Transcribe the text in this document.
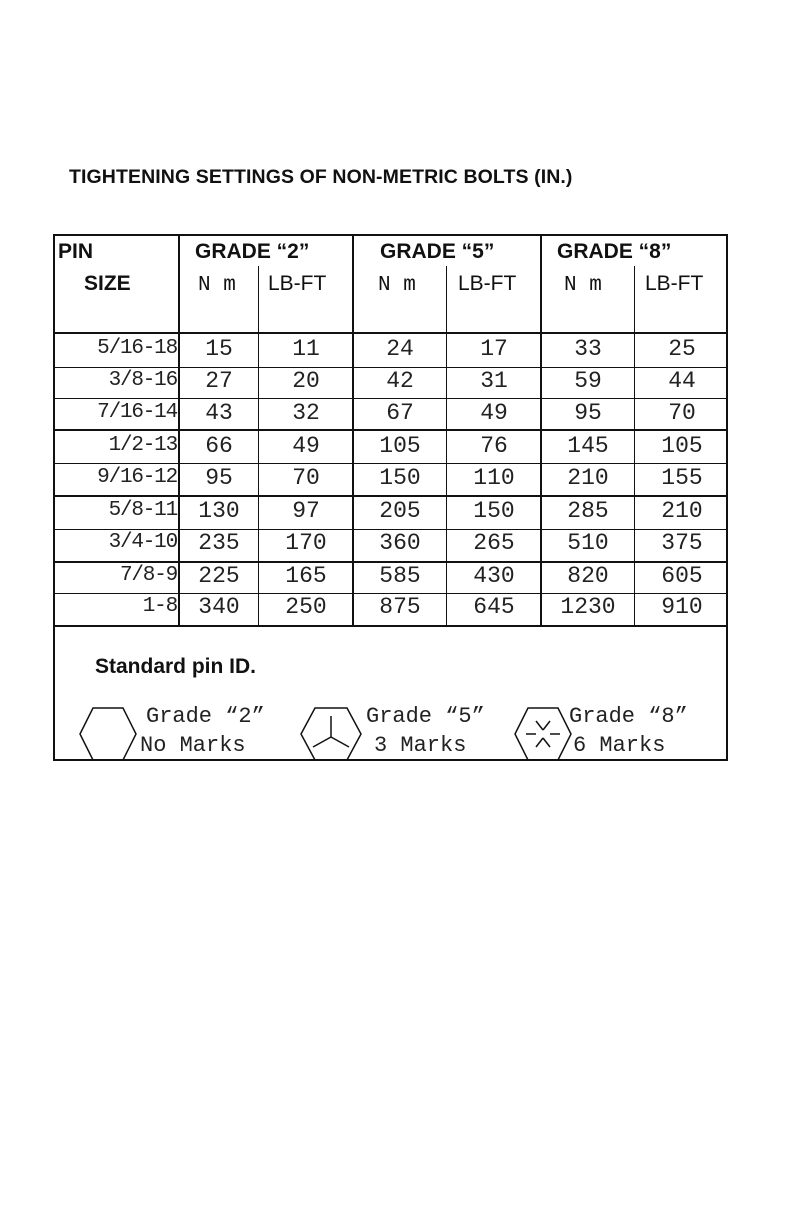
TIGHTENING SETTINGS OF NON-METRIC BOLTS (IN.)
PIN
SIZE
GRADE “2”	GRADE “5”	GRADE “8”
N m LB-FT N m LB-FT N m LB-FT
5/16-18	15	11	24	17	33	25
3/8-16	27	20	42	31	59	44
7/16-14	43	32	67	49	95	70
1/2-13	66	49	105	76	145	105
9/16-12	95	70	150	110	210	155
5/8-11 130	97	205	150	285	210
3/4-10 235	170	360	265	510	375
7/8-9 225	165	585	430	820	605
1-8 340	250	875	645	1230	910
Standard pin ID.
Grade “2”
No Marks
Grade “5”
3 Marks
Grade “8”
6 Marks
